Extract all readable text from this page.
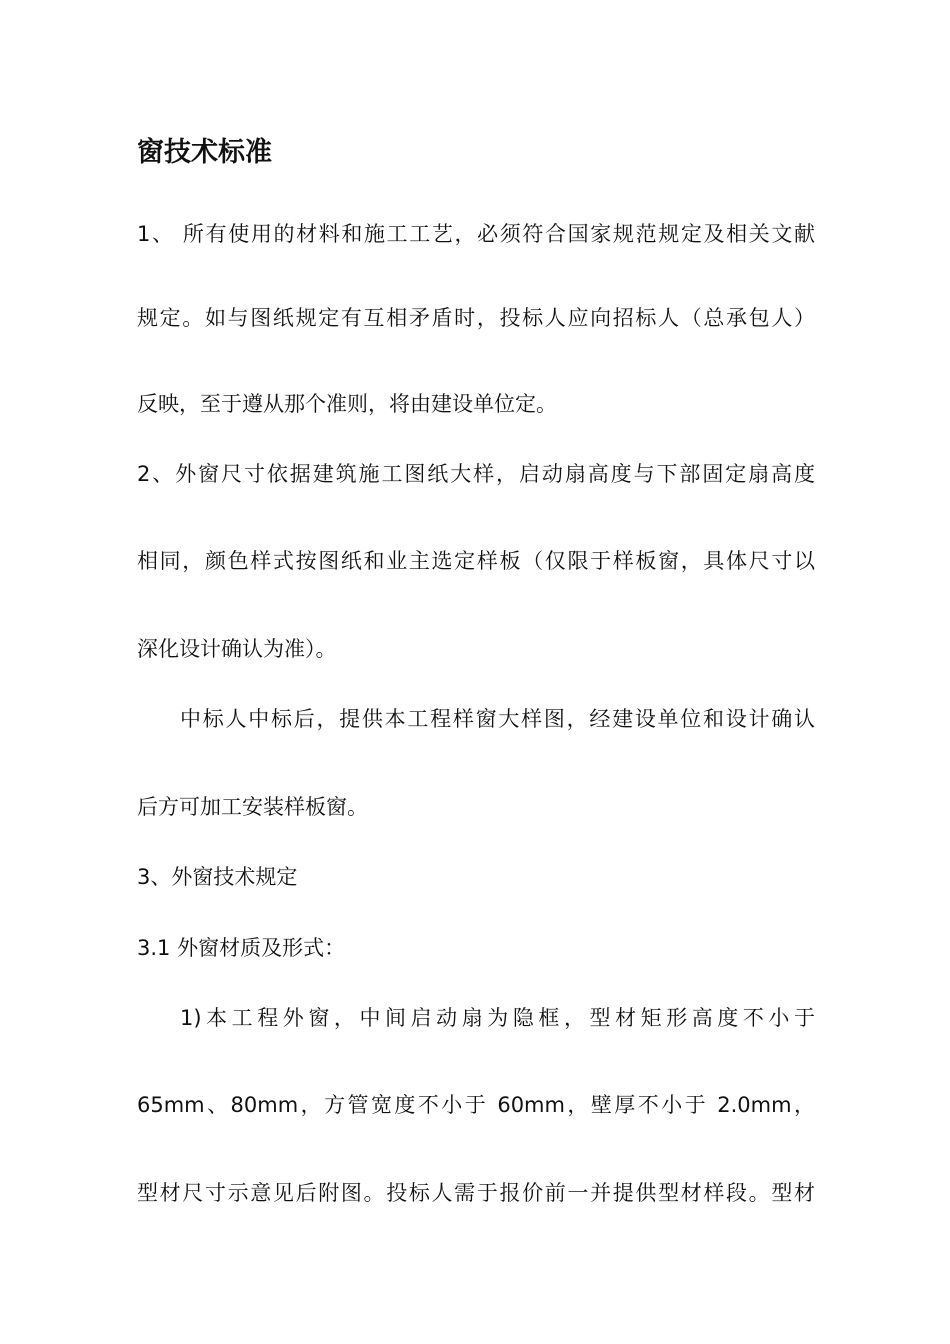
窗技术标准
1、 所有使用的材料和施工工艺，必须符合国家规范规定及相关文献
规定。如与图纸规定有互相矛盾时，投标人应向招标人（总承包人）
反映，至于遵从那个准则，将由建设单位定。
2、外窗尺寸依据建筑施工图纸大样，启动扇高度与下部固定扇高度
相同，颜色样式按图纸和业主选定样板（仅限于样板窗，具体尺寸以
深化设计确认为准）。
中标人中标后，提供本工程样窗大样图，经建设单位和设计确认
后方可加工安装样板窗。
3、外窗技术规定
3.1 外窗材质及形式：
1)本工程外窗，中间启动扇为隐框，型材矩形高度不小于
65mm、80mm，方管宽度不小于 60mm，壁厚不小于 2.0mm，
型材尺寸示意见后附图。投标人需于报价前一并提供型材样段。型材
